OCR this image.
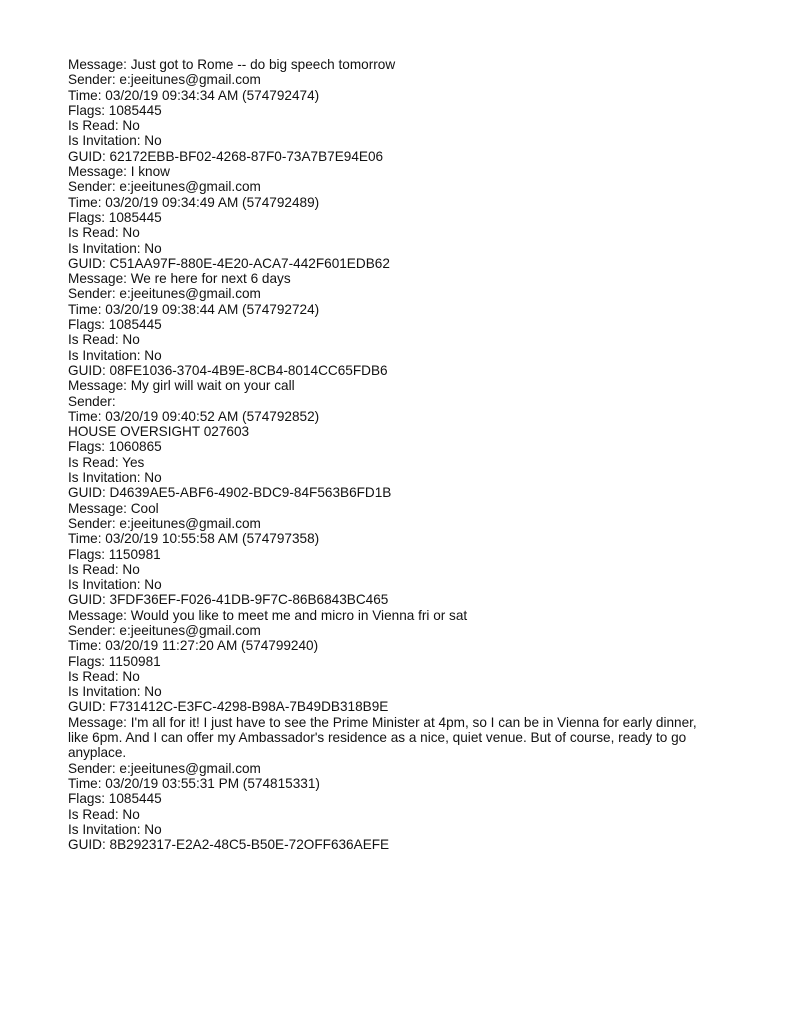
Message: Just got to Rome -- do big speech tomorrow
Sender: e:jeeitunes@gmail.com
Time: 03/20/19 09:34:34 AM (574792474)
Flags: 1085445
Is Read: No
Is Invitation: No
GUID: 62172EBB-BF02-4268-87F0-73A7B7E94E06
Message: I know
Sender: e:jeeitunes@gmail.com
Time: 03/20/19 09:34:49 AM (574792489)
Flags: 1085445
Is Read: No
Is Invitation: No
GUID: C51AA97F-880E-4E20-ACA7-442F601EDB62
Message: We re here for next 6 days
Sender: e:jeeitunes@gmail.com
Time: 03/20/19 09:38:44 AM (574792724)
Flags: 1085445
Is Read: No
Is Invitation: No
GUID: 08FE1036-3704-4B9E-8CB4-8014CC65FDB6
Message: My girl will wait on your call
Sender:
Time: 03/20/19 09:40:52 AM (574792852)
HOUSE OVERSIGHT 027603
Flags: 1060865
Is Read: Yes
Is Invitation: No
GUID: D4639AE5-ABF6-4902-BDC9-84F563B6FD1B
Message: Cool
Sender: e:jeeitunes@gmail.com
Time: 03/20/19 10:55:58 AM (574797358)
Flags: 1150981
Is Read: No
Is Invitation: No
GUID: 3FDF36EF-F026-41DB-9F7C-86B6843BC465
Message: Would you like to meet me and micro in Vienna fri or sat
Sender: e:jeeitunes@gmail.com
Time: 03/20/19 11:27:20 AM (574799240)
Flags: 1150981
Is Read: No
Is Invitation: No
GUID: F731412C-E3FC-4298-B98A-7B49DB318B9E
Message: I'm all for it! I just have to see the Prime Minister at 4pm, so I can be in Vienna for early dinner, like 6pm. And I can offer my Ambassador's residence as a nice, quiet venue. But of course, ready to go anyplace.
Sender: e:jeeitunes@gmail.com
Time: 03/20/19 03:55:31 PM (574815331)
Flags: 1085445
Is Read: No
Is Invitation: No
GUID: 8B292317-E2A2-48C5-B50E-72OFF636AEFE
